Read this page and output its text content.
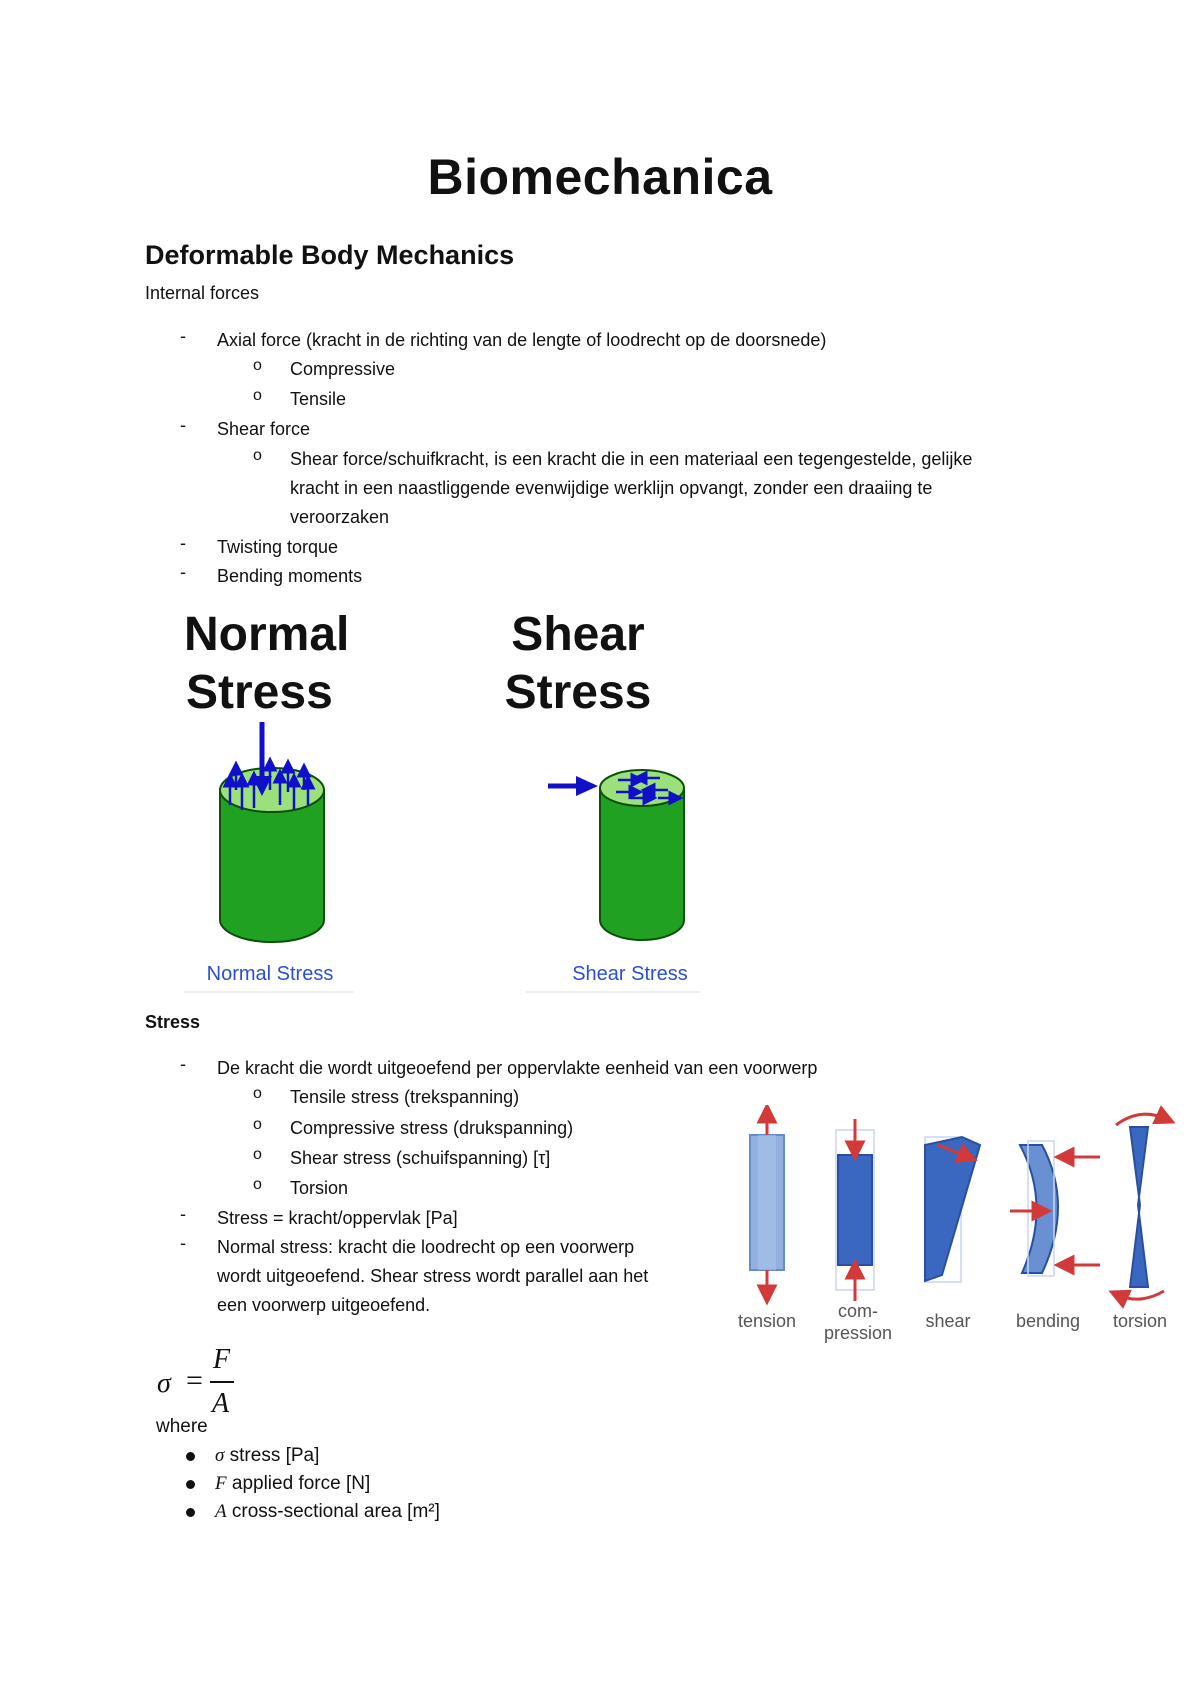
Biomechanica
Deformable Body Mechanics

Internal forces

- Axial force (kracht in de richting van de lengte of loodrecht op de doorsnede)

o Compressive

o Tensile

- Shear force

o Shear force/schuifkracht, is een kracht die in een materiaal een tegengestelde, gelijke

kracht in een naastliggende evenwijdige werklijn opvangt, zonder een draaiing te

veroorzaken

- Twisting torque

- Bending moments

Normal
Stress
Shear
Stress
Normal Stress	Shear Stress

Stress

- De kracht die wordt uitgeoefend per oppervlakte eenheid van een voorwerp

o Tensile stress (trekspanning)

o Compressive stress (drukspanning)

o Shear stress (schuifspanning) [τ]

o Torsion

- Stress = kracht/oppervlak [Pa]

- Normal stress: kracht die loodrecht op een voorwerp

wordt uitgeoefend. Shear stress wordt parallel aan het

een voorwerp uitgeoefend.

tension com-
pression
shear	bending torsion
σ =
F
A
where

σ stress [Pa]

F applied force [N]

A cross-sectional area [m²]
